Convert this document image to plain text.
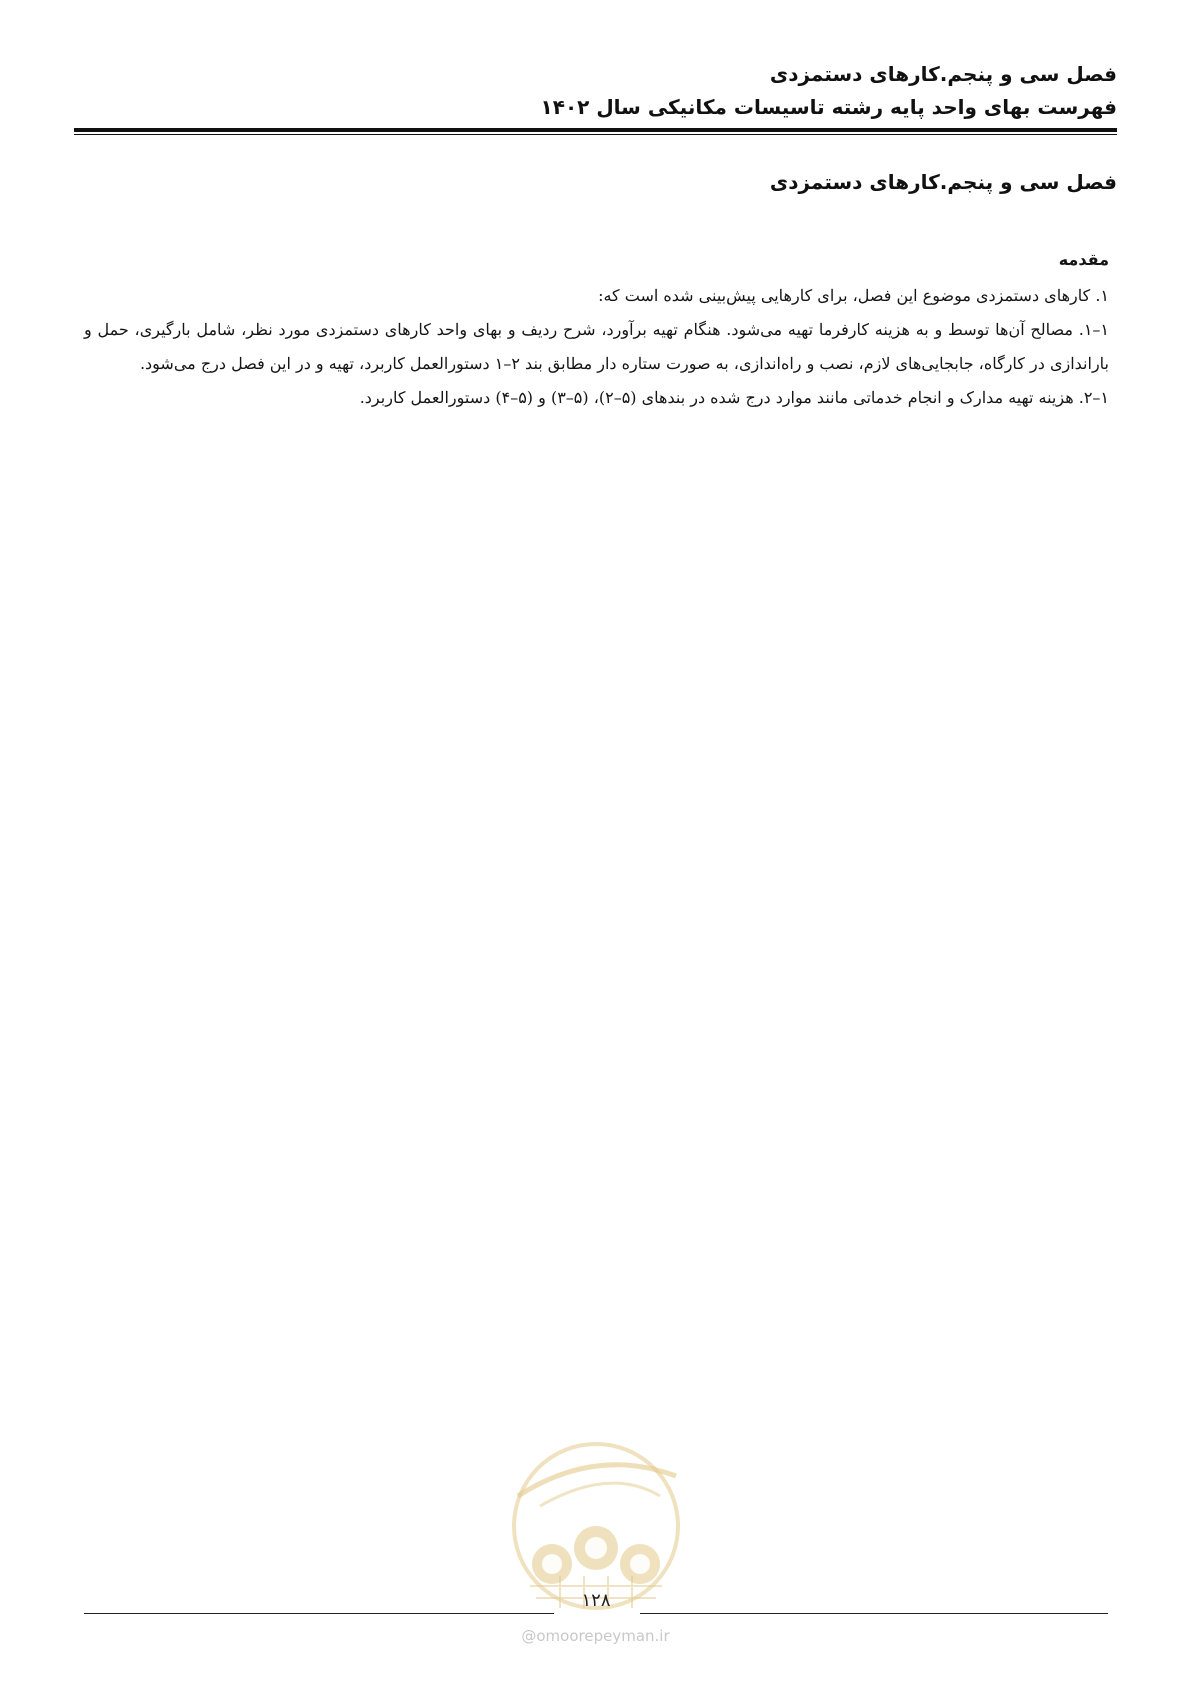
فصل سی و پنجم.کارهای دستمزدی
فهرست بهای واحد پایه رشته تاسیسات مکانیکی سال ۱۴۰۲
فصل سی و پنجم.کارهای دستمزدی
مقدمه

۱. کارهای دستمزدی موضوع این فصل، برای کارهایی پیش‌بینی شده است که:

۱–۱. مصالح آن‌ها توسط و به هزینه کارفرما تهیه می‌شود. هنگام تهیه برآورد، شرح ردیف و بهای واحد کارهای دستمزدی مورد نظر، شامل بارگیری، حمل و باراندازی در کارگاه، جابجایی‌های لازم، نصب و راه‌اندازی، به صورت ستاره دار مطابق بند ۲–۱ دستورالعمل کاربرد، تهیه و در این فصل درج می‌شود.

۱–۲. هزینه تهیه مدارک و انجام خدماتی مانند موارد درج شده در بندهای (۵–۲)، (۵–۳) و (۵–۴) دستورالعمل کاربرد.

۱۲۸
@omoorepeyman.ir
